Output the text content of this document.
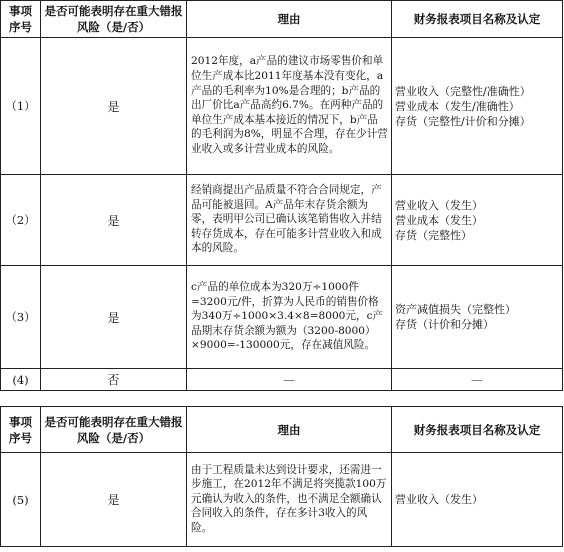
事项
序号	是否可能表明存在重大错报风险（是/否）	理由	财务报表项目名称及认定
（1）	是	2012年度，a产品的建议市场零售价和单位生产成本比2011年度基本没有变化，a产品的毛利率为10%是合理的；b产品的出厂价比a产品高约6.7%。在两种产品的单位生产成本基本接近的情况下，b产品的毛利润为8%，明显不合理，存在少计营业收入或多计营业成本的风险。	营业收入（完整性/准确性）
营业成本（发生/准确性）
存货（完整性/计价和分摊）
（2）	是	经销商提出产品质量不符合合同规定，产品可能被退回。A产品年末存货余额为零，表明甲公司已确认该笔销售收入并结转存货成本，存在可能多计营业收入和成本的风险。	营业收入（发生）
营业成本（发生）
存货（完整性）
（3）	是	c产品的单位成本为320万÷1000件=3200元/件，折算为人民币的销售价格为340万÷1000×3.4×8=8000元，c产品期末存货余额为额为（3200-8000）×9000=-130000元，存在减值风险。	资产减值损失（完整性）
存货（计价和分摊）
(4)	否	—	—
事项
序号	是否可能表明存在重大错报风险（是/否）	理由	财务报表项目名称及认定
(5)	是	由于工程质量未达到设计要求，还需进一步施工，在2012年不满足将突揽款100万元确认为收入的条件，也不满足全额确认合同收入的条件，存在多计3收入的风险。	营业收入（发生）
